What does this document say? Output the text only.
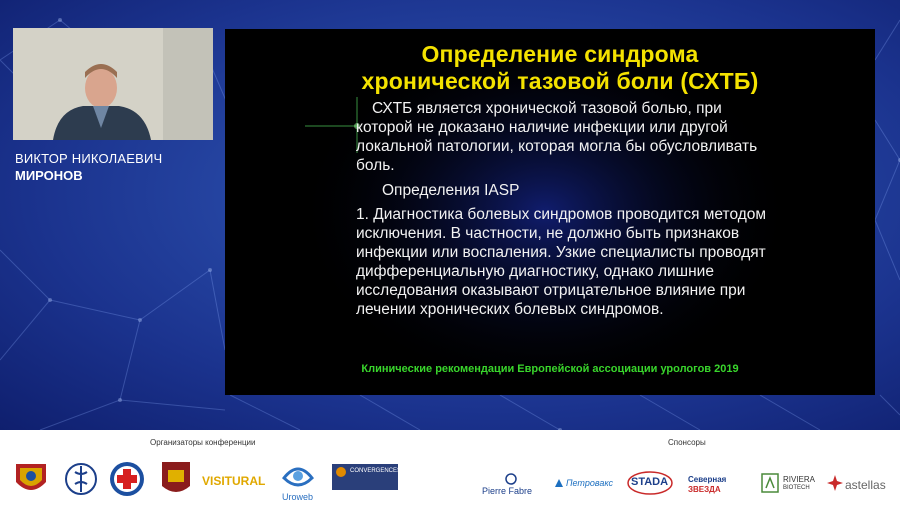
ВИКТОР НИКОЛАЕВИЧ
МИРОНОВ
Определение синдрома
хронической тазовой боли (СХТБ)

СХТБ является хронической тазовой болью, при которой не доказано наличие инфекции или другой локальной патологии, которая могла бы обусловливать боль.

Определения IASP

1. Диагностика болевых синдромов проводится методом исключения. В частности, не должно быть признаков инфекции или воспаления. Узкие специалисты проводят дифференциальную диагностику, однако лишние исследования оказывают отрицательное влияние при лечении хронических болевых синдромов.

Клинические рекомендации Европейской ассоциации урологов 2019
Организаторы конференции	Спонсоры
VISITURAL
Uroweb
CONVERGENCES PP
Pierre Fabre
Петровакс STADA Северная
ЗВЕЗДА
RIVIERA
BIOTECH	astellas
